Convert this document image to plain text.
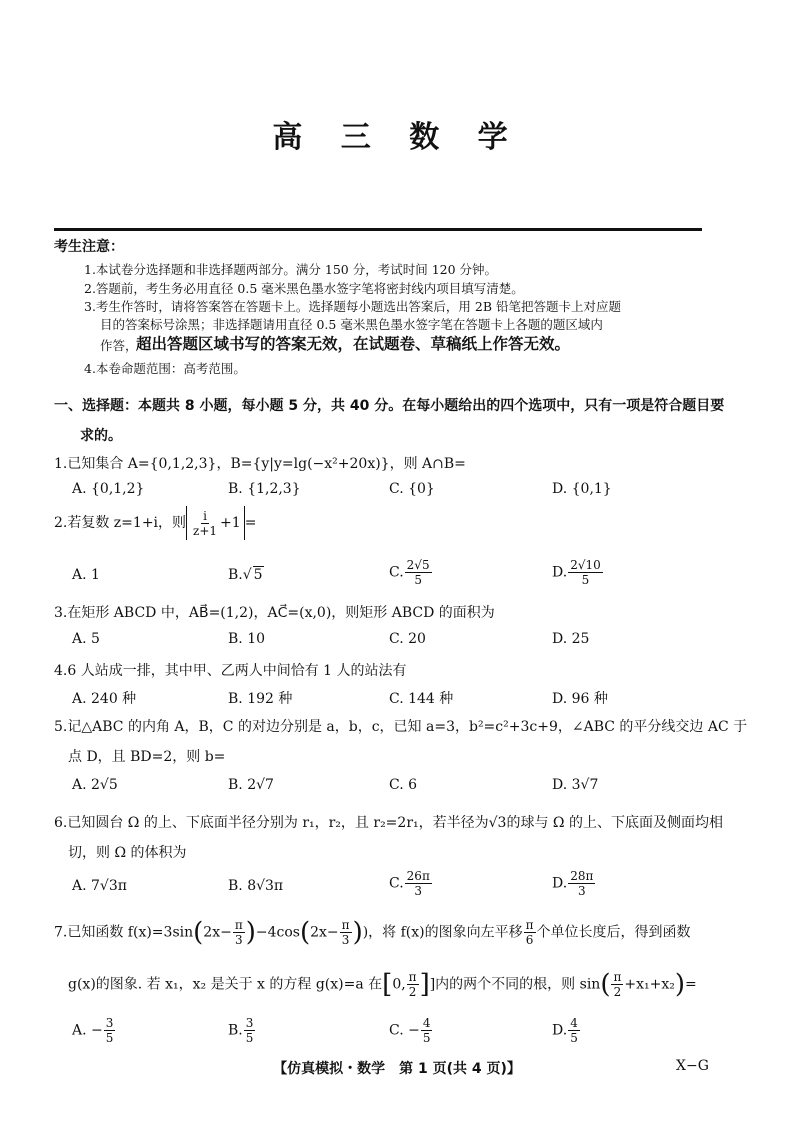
高 三 数 学
考生注意：
1.本试卷分选择题和非选择题两部分。满分 150 分，考试时间 120 分钟。
2.答题前，考生务必用直径 0.5 毫米黑色墨水签字笔将密封线内项目填写清楚。
3.考生作答时，请将答案答在答题卡上。选择题每小题选出答案后，用 2B 铅笔把答题卡上对应题
目的答案标号涂黑；非选择题请用直径 0.5 毫米黑色墨水签字笔在答题卡上各题的题区域内
作答，
超出答题区域书写的答案无效，在试题卷、草稿纸上作答无效。
4.本卷命题范围：高考范围。
一、选择题：本题共 8 小题，每小题 5 分，共 40 分。在每小题给出的四个选项中，只有一项是符合题目要
求的。
1.已知集合 A={0,1,2,3}，B={y|y=lg(−x²+20x)}，则 A∩B=
A. {0,1,2}	B. {1,2,3}	C. {0}	D. {0,1}
2.若复数 z=1+i，则 $\frac{i}{z+1} +1$ =
A. 1	B.√ 5	C. $\frac{2√5}{5}$	D. $\frac{2√10}{5}$
3.在矩形 ABCD 中，AB⃗=(1,2)，AC⃗=(x,0)，则矩形 ABCD 的面积为
A. 5	B. 10	C. 20	D. 25
4.6 人站成一排，其中甲、乙两人中间恰有 1 人的站法有
A. 240 种	B. 192 种	C. 144 种	D. 96 种
5.记△ABC 的内角 A，B，C 的对边分别是 a，b，c，已知 a=3，b²=c²+3c+9，∠ABC 的平分线交边 AC 于
点 D，且 BD=2，则 b=
A. 2√5	B. 2√7	C. 6	D. 3√7
6.已知圆台 Ω 的上、下底面半径分别为 r₁，r₂，且 r₂=2r₁，若半径为√3的球与 Ω 的上、下底面及侧面均相
切，则 Ω 的体积为
A. 7√3π	B. 8√3π	C. $\frac{26\pi}{3}$	D. $\frac{28\pi}{3}$
7.已知函数 $f(x)=3\sin(2x- \frac{\pi}{3} )-4\cos(2x- \frac{\pi}{3}$ ))，将 f(x)的图象向左平移 $\frac{\pi}{6}$ 个单位长度后，得到函数
g(x)的图象. 若 x₁，x₂ 是关于 x 的方程 g(x)=a 在[0, $\frac{\pi}{2}$ ]]内的两个不同的根，则 $\sin( \frac{\pi}{2} +x_1+x_2)=$
A. − $\frac{3}{5}$	B. $\frac{3}{5}$	C. − $\frac{4}{5}$	D. $\frac{4}{5}$
【仿真模拟・数学　第 1 页(共 4 页)】	X−G
